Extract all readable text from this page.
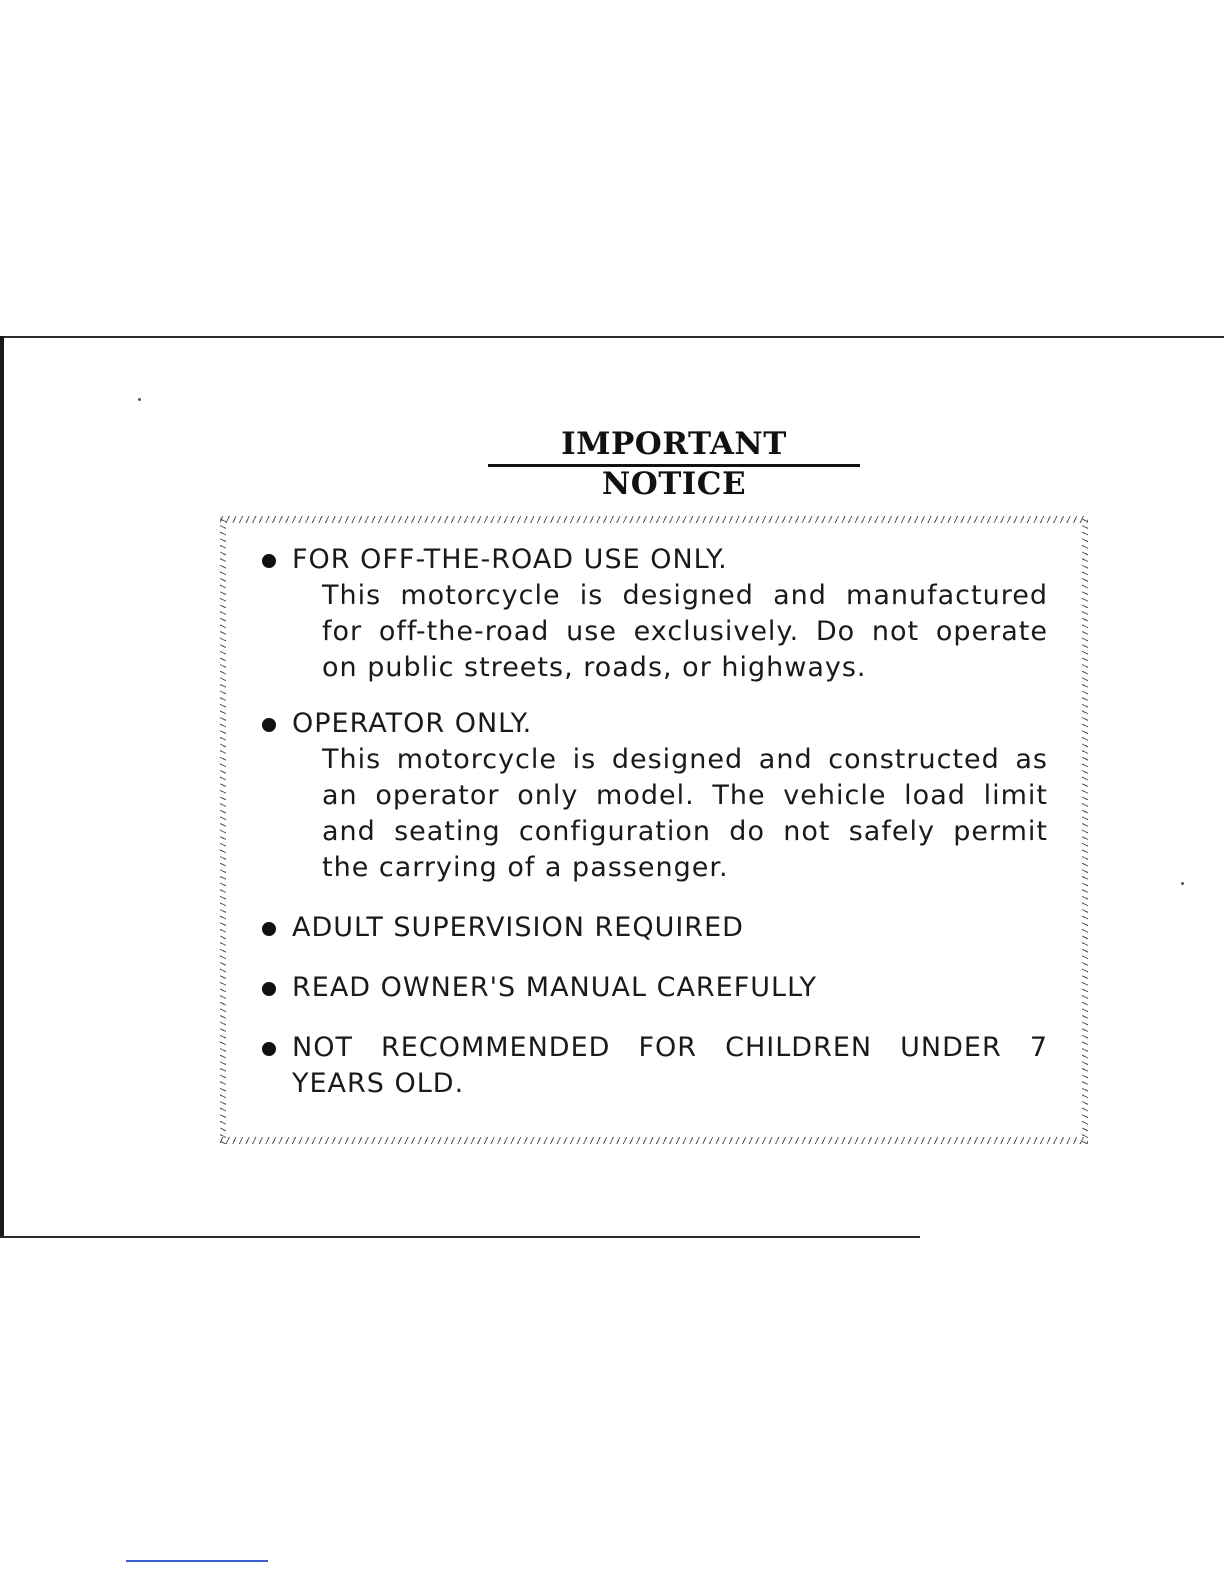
IMPORTANT NOTICE
FOR OFF-THE-ROAD USE ONLY.
This motorcycle is designed and manufactured for off-the-road use exclusively. Do not operate on public streets, roads, or highways.
OPERATOR ONLY.
This motorcycle is designed and constructed as an operator only model. The vehicle load limit and seating configuration do not safely permit the carrying of a passenger.
ADULT SUPERVISION REQUIRED
READ OWNER'S MANUAL CAREFULLY
NOT RECOMMENDED FOR CHILDREN UNDER 7 YEARS OLD.
